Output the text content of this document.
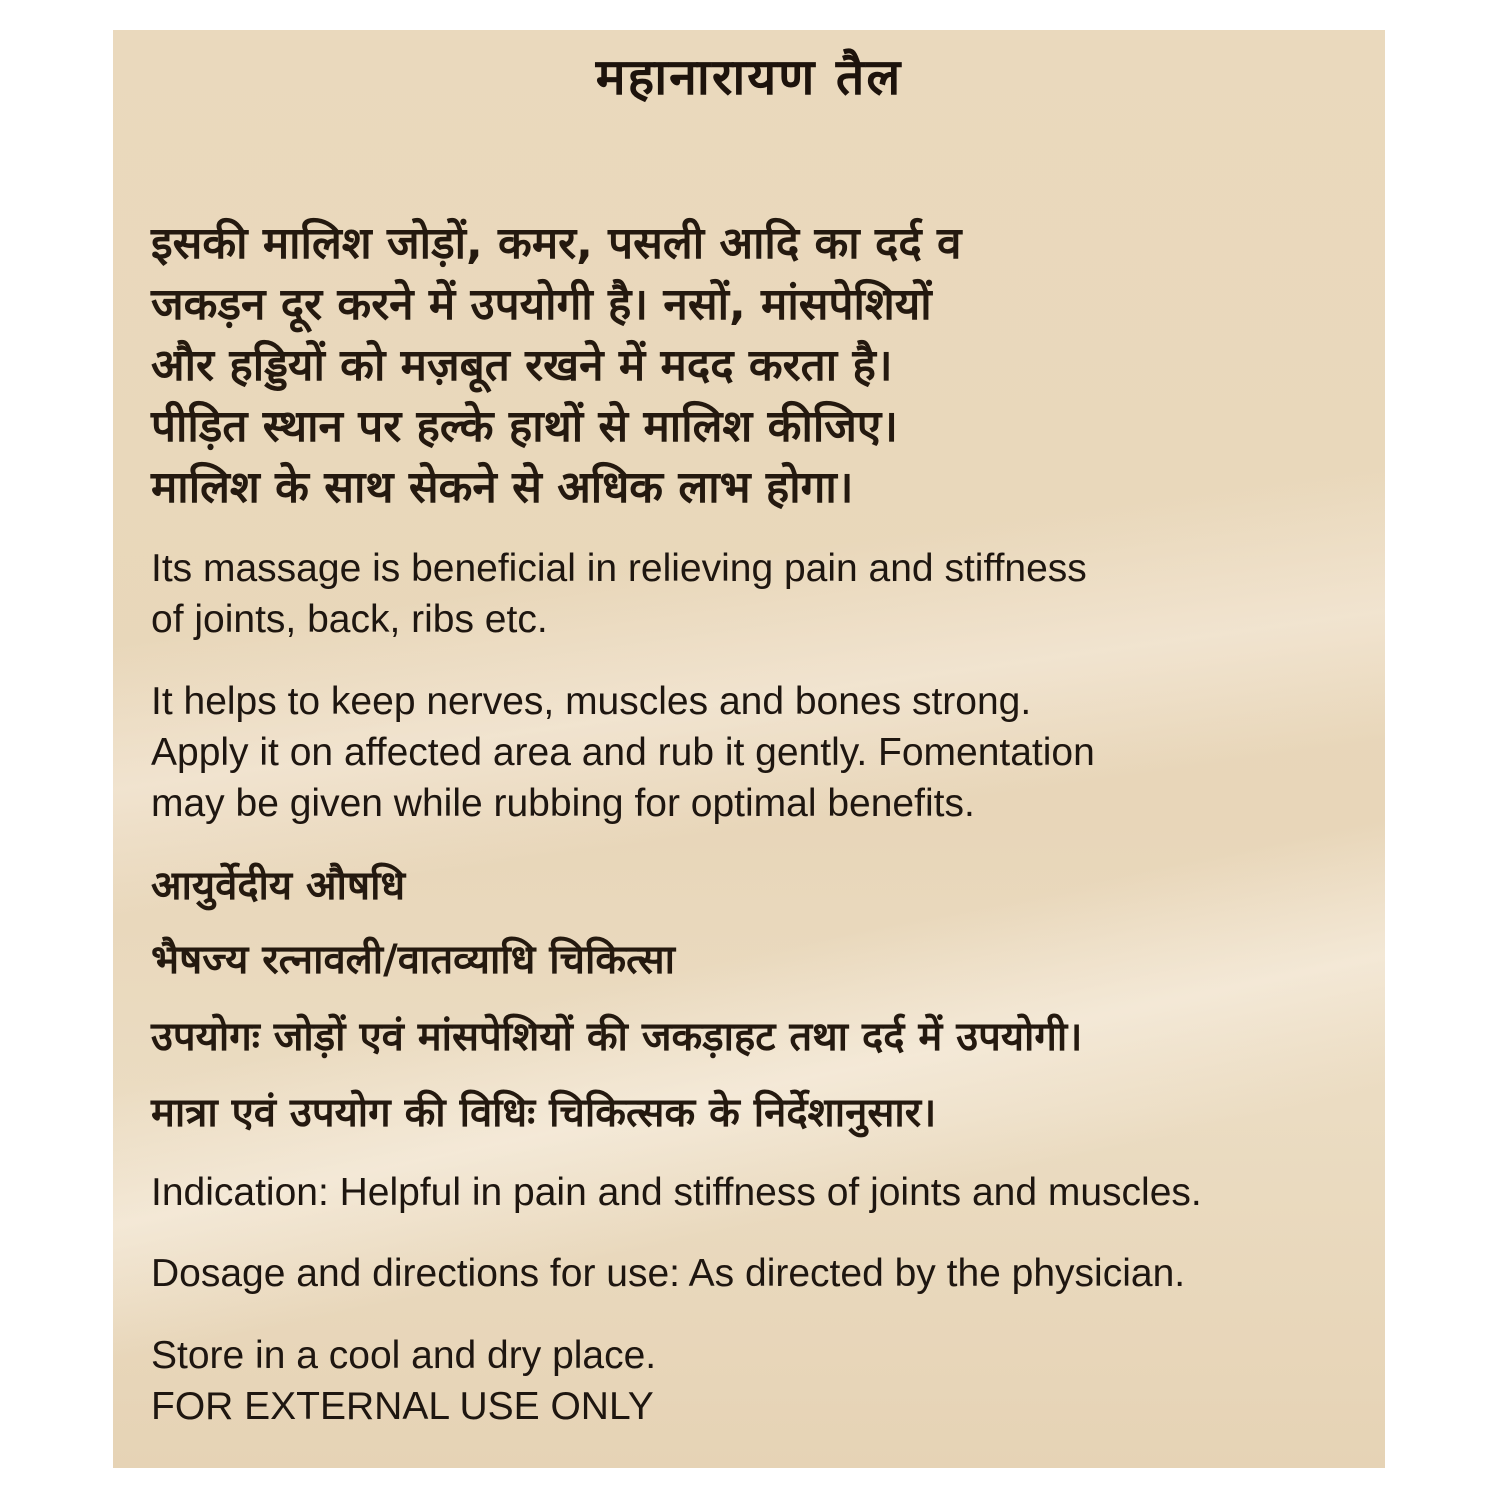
महानारायण तैल
इसकी मालिश जोड़ों, कमर, पसली आदि का दर्द व
जकड़न दूर करने में उपयोगी है। नसों, मांसपेशियों
और हड्डियों को मज़बूत रखने में मदद करता है।
पीड़ित स्थान पर हल्के हाथों से मालिश कीजिए।
मालिश के साथ सेकने से अधिक लाभ होगा।
Its massage is beneficial in relieving pain and stiffness
of joints, back, ribs etc.
It helps to keep nerves, muscles and bones strong.
Apply it on affected area and rub it gently. Fomentation
may be given while rubbing for optimal benefits.
आयुर्वेदीय औषधि
भैषज्य रत्नावली/वातव्याधि चिकित्सा
उपयोगः जोड़ों एवं मांसपेशियों की जकड़ाहट तथा दर्द में उपयोगी।
मात्रा एवं उपयोग की विधिः चिकित्सक के निर्देशानुसार।
Indication: Helpful in pain and stiffness of joints and muscles.
Dosage and directions for use: As directed by the physician.
Store in a cool and dry place.
FOR EXTERNAL USE ONLY
